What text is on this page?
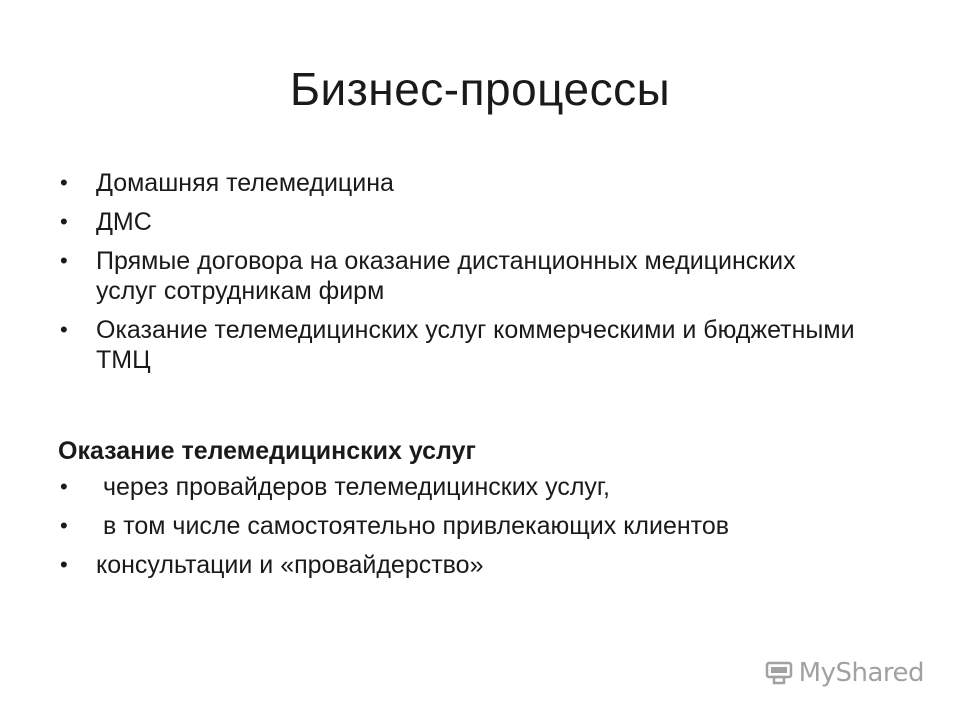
Бизнес-процессы
• Домашняя телемедицина
• ДМС
• Прямые договора на оказание дистанционных медицинских услуг сотрудникам фирм
• Оказание телемедицинских услуг коммерческими и бюджетными ТМЦ
Оказание телемедицинских услуг
• через провайдеров телемедицинских услуг,
• в том числе самостоятельно привлекающих клиентов
• консультации и «провайдерство»
MyShared
